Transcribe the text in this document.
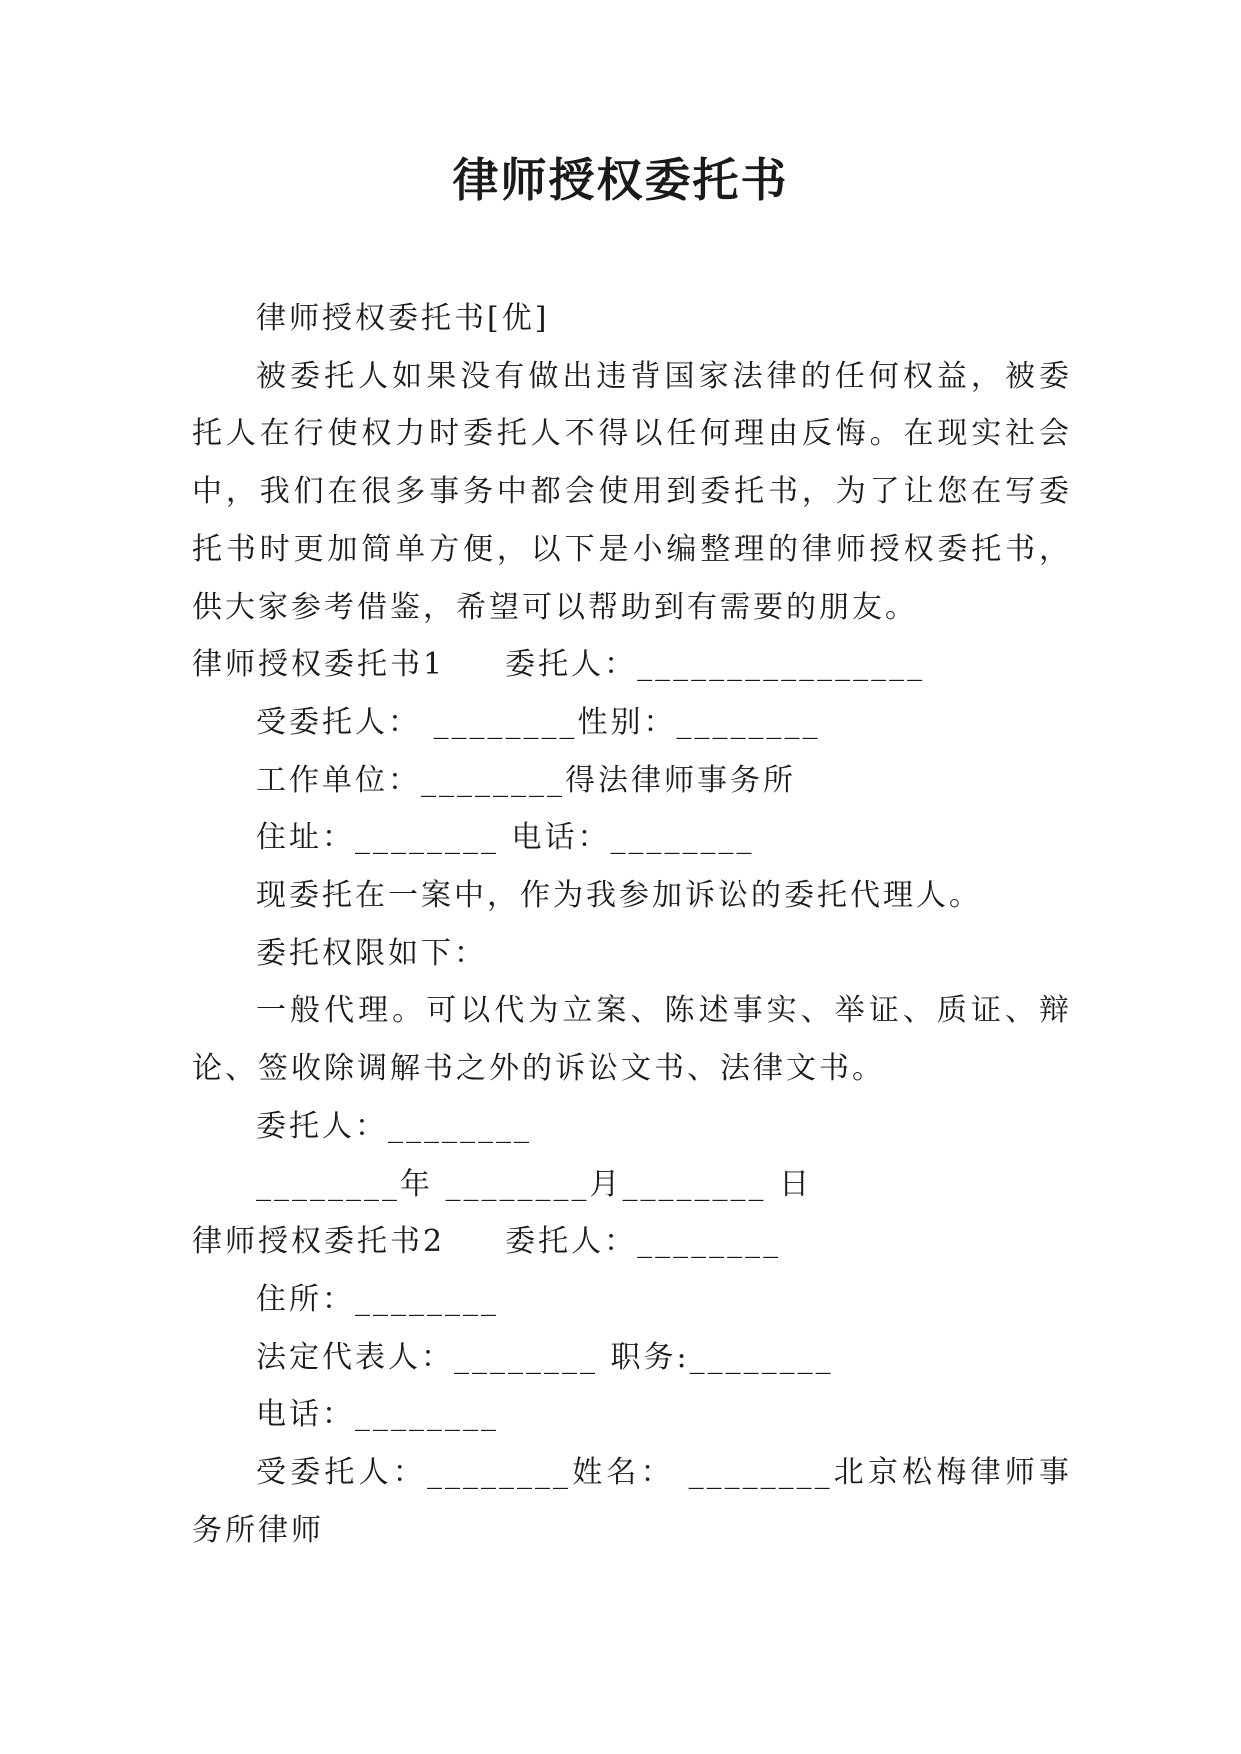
律师授权委托书
律师授权委托书[优]
被委托人如果没有做出违背国家法律的任何权益，被委托人在行使权力时委托人不得以任何理由反悔。在现实社会中，我们在很多事务中都会使用到委托书，为了让您在写委托书时更加简单方便，以下是小编整理的律师授权委托书，供大家参考借鉴，希望可以帮助到有需要的朋友。
律师授权委托书1 委托人：________________
受委托人： ________性别：________
工作单位：________得法律师事务所
住址：________ 电话：________
现委托在一案中，作为我参加诉讼的委托代理人。
委托权限如下：
一般代理。可以代为立案、陈述事实、举证、质证、辩论、签收除调解书之外的诉讼文书、法律文书。
委托人：________
________年 ________月________ 日
律师授权委托书2 委托人：________
住所：________
法定代表人：________ 职务:________
电话：________
受委托人：________姓名： ________北京松梅律师事务所律师
